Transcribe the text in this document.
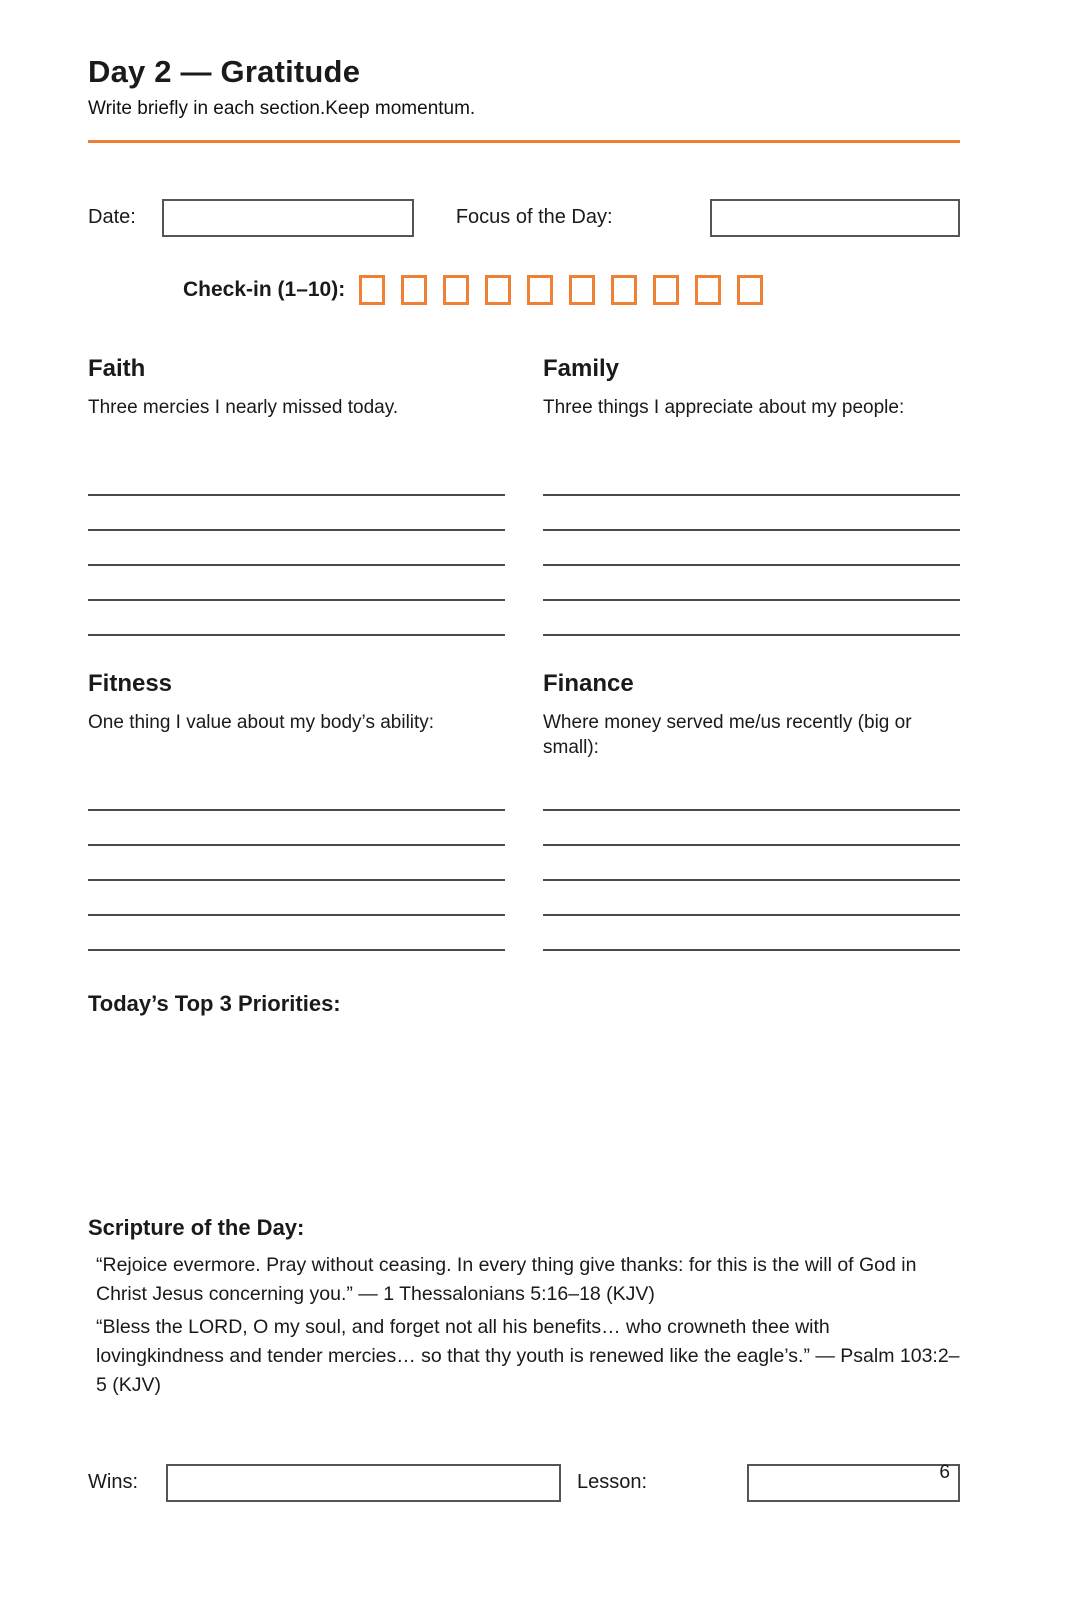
Day 2 — Gratitude
Write briefly in each section.Keep momentum.
Date:	Focus of the Day:
Check-in (1–10):
Faith
Three mercies I nearly missed today.
Family
Three things I appreciate about my people:
Fitness
One thing I value about my body’s ability:
Finance
Where money served me/us recently (big or small):
Today’s Top 3 Priorities:
Scripture of the Day:

“Rejoice evermore. Pray without ceasing. In every thing give thanks: for this is the will of God in Christ Jesus concerning you.” — 1 Thessalonians 5:16–18 (KJV)

“Bless the LORD, O my soul, and forget not all his benefits… who crowneth thee with lovingkindness and tender mercies… so that thy youth is renewed like the eagle’s.” — Psalm 103:2–5 (KJV)

Wins:	Lesson:	6
